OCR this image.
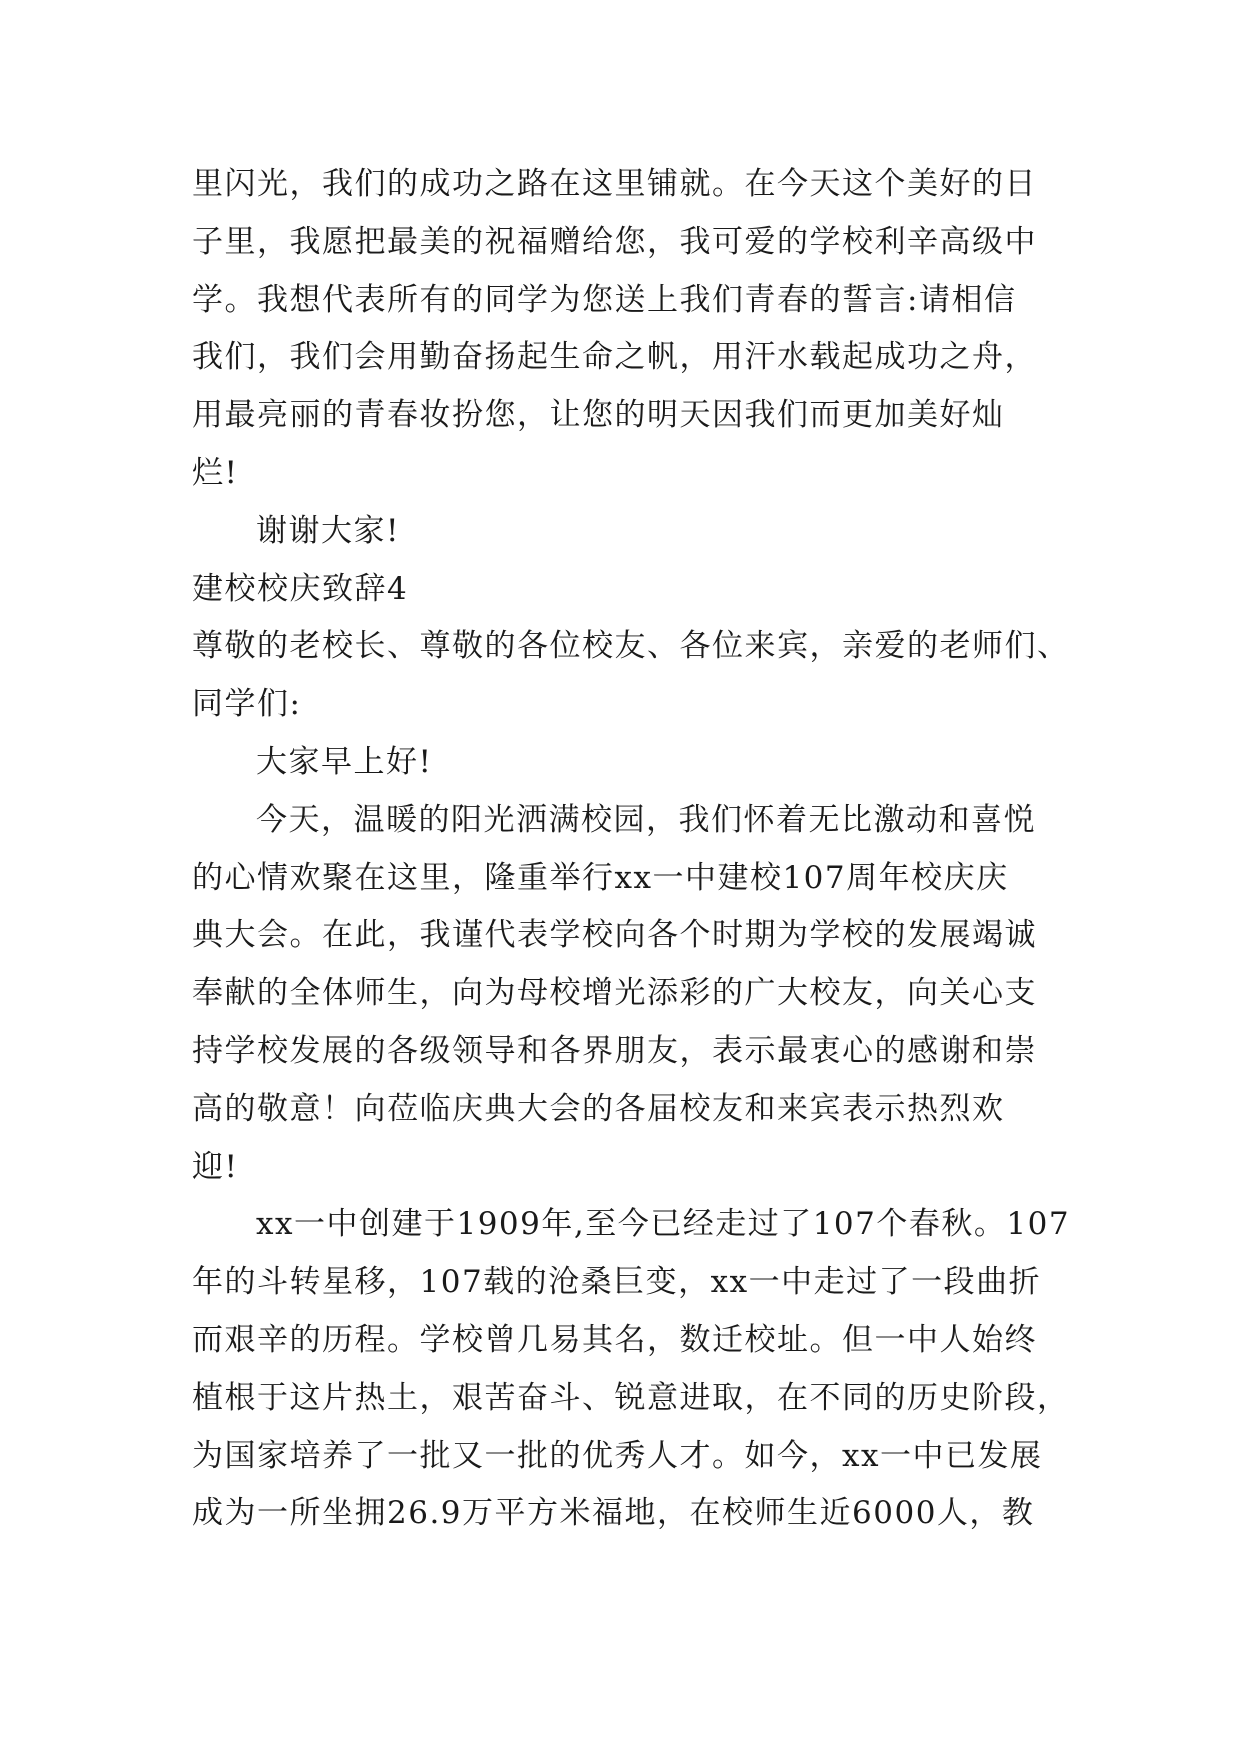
里闪光，我们的成功之路在这里铺就。在今天这个美好的日
子里，我愿把最美的祝福赠给您，我可爱的学校利辛高级中
学。我想代表所有的同学为您送上我们青春的誓言:请相信
我们，我们会用勤奋扬起生命之帆，用汗水载起成功之舟，
用最亮丽的青春妆扮您，让您的明天因我们而更加美好灿
烂!
谢谢大家!
建校校庆致辞4
尊敬的老校长、尊敬的各位校友、各位来宾，亲爱的老师们、
同学们:
大家早上好!
今天，温暖的阳光洒满校园，我们怀着无比激动和喜悦
的心情欢聚在这里，隆重举行xx一中建校107周年校庆庆
典大会。在此，我谨代表学校向各个时期为学校的发展竭诚
奉献的全体师生，向为母校增光添彩的广大校友，向关心支
持学校发展的各级领导和各界朋友，表示最衷心的感谢和崇
高的敬意！向莅临庆典大会的各届校友和来宾表示热烈欢
迎!
xx一中创建于1909年,至今已经走过了107个春秋。107
年的斗转星移，107载的沧桑巨变，xx一中走过了一段曲折
而艰辛的历程。学校曾几易其名，数迁校址。但一中人始终
植根于这片热土，艰苦奋斗、锐意进取，在不同的历史阶段，
为国家培养了一批又一批的优秀人才。如今，xx一中已发展
成为一所坐拥26.9万平方米福地，在校师生近6000人，教
